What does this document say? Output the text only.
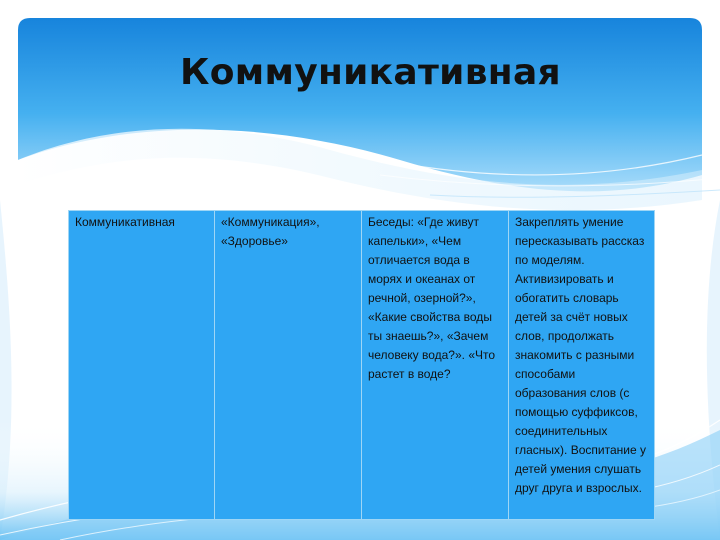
Коммуникативная
Коммуникативная	«Коммуникация», «Здоровье»	Беседы: «Где живут капельки», «Чем отличается вода в морях и океанах от речной, озерной?», «Какие свойства воды ты знаешь?», «Зачем человеку вода?». «Что растет в воде?	Закреплять умение пересказывать рассказ по моделям. Активизировать и обогатить словарь детей за счёт новых слов, продолжать знакомить с разными способами образования слов (с помощью суффиксов, соединительных гласных). Воспитание у детей умения слушать друг друга и взрослых.
